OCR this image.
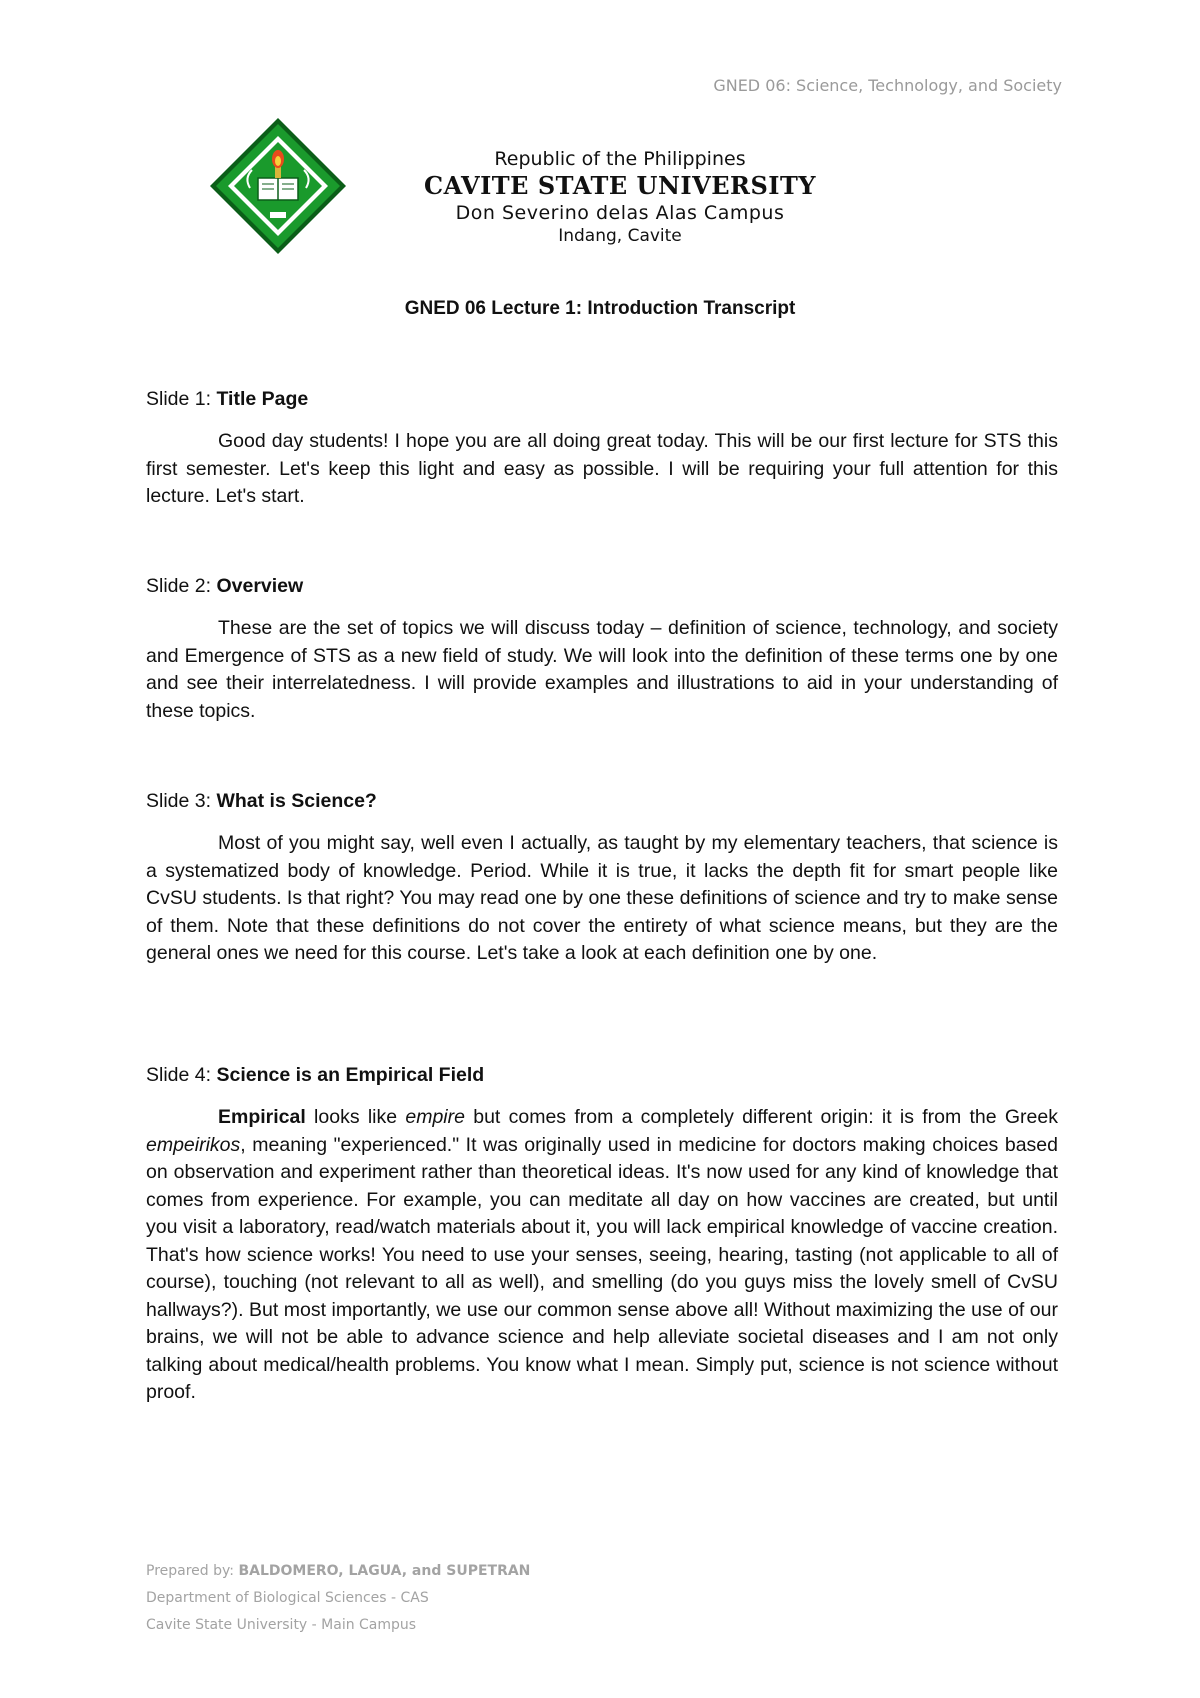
GNED 06: Science, Technology, and Society
Republic of the Philippines
CAVITE STATE UNIVERSITY
Don Severino delas Alas Campus
Indang, Cavite
GNED 06 Lecture 1: Introduction Transcript

Slide 1: Title Page

Good day students! I hope you are all doing great today. This will be our first lecture for STS this first semester. Let's keep this light and easy as possible. I will be requiring your full attention for this lecture. Let's start.

Slide 2: Overview

These are the set of topics we will discuss today – definition of science, technology, and society and Emergence of STS as a new field of study. We will look into the definition of these terms one by one and see their interrelatedness. I will provide examples and illustrations to aid in your understanding of these topics.

Slide 3: What is Science?

Most of you might say, well even I actually, as taught by my elementary teachers, that science is a systematized body of knowledge. Period. While it is true, it lacks the depth fit for smart people like CvSU students. Is that right? You may read one by one these definitions of science and try to make sense of them. Note that these definitions do not cover the entirety of what science means, but they are the general ones we need for this course. Let's take a look at each definition one by one.

Slide 4: Science is an Empirical Field

Empirical looks like empire but comes from a completely different origin: it is from the Greek empeirikos, meaning "experienced." It was originally used in medicine for doctors making choices based on observation and experiment rather than theoretical ideas. It's now used for any kind of knowledge that comes from experience. For example, you can meditate all day on how vaccines are created, but until you visit a laboratory, read/watch materials about it, you will lack empirical knowledge of vaccine creation. That's how science works! You need to use your senses, seeing, hearing, tasting (not applicable to all of course), touching (not relevant to all as well), and smelling (do you guys miss the lovely smell of CvSU hallways?). But most importantly, we use our common sense above all! Without maximizing the use of our brains, we will not be able to advance science and help alleviate societal diseases and I am not only talking about medical/health problems. You know what I mean. Simply put, science is not science without proof.

Prepared by: BALDOMERO, LAGUA, and SUPETRAN
Department of Biological Sciences - CAS
Cavite State University - Main Campus
